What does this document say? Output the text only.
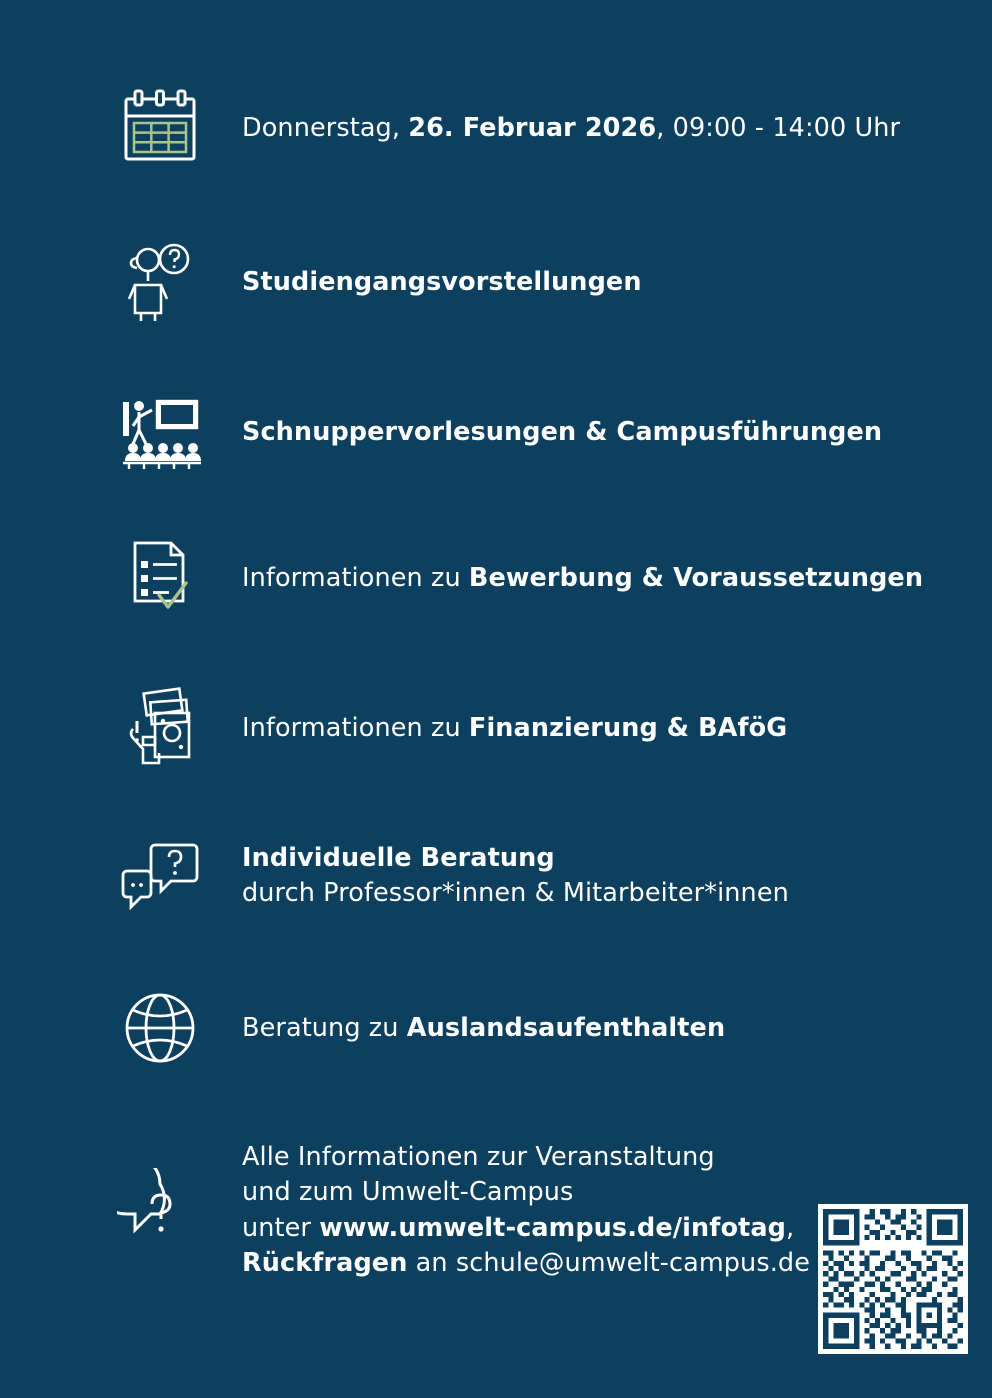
Donnerstag, 26. Februar 2026, 09:00 - 14:00 Uhr
Studiengangsvorstellungen
Schnuppervorlesungen & Campusführungen
Informationen zu Bewerbung & Voraussetzungen
Informationen zu Finanzierung & BAföG
Individuelle Beratung
durch Professor*innen & Mitarbeiter*innen
Beratung zu Auslandsaufenthalten
Alle Informationen zur Veranstaltung
und zum Umwelt-Campus
unter www.umwelt-campus.de/infotag,
Rückfragen an schule@umwelt-campus.de
